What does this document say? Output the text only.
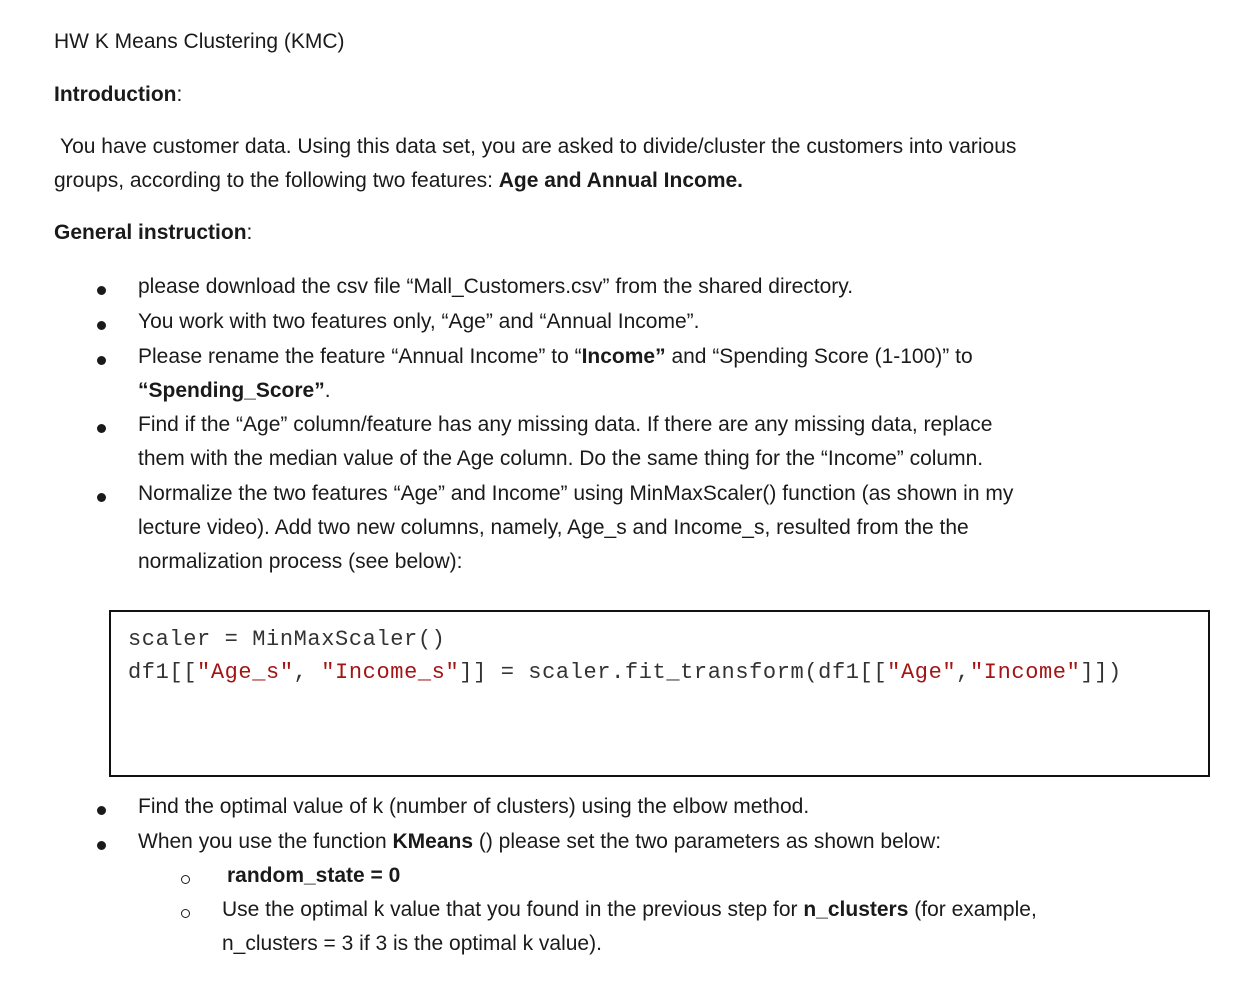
HW K Means Clustering (KMC)
Introduction:
You have customer data. Using this data set, you are asked to divide/cluster the customers into various
groups, according to the following two features: Age and Annual Income.
General instruction:
please download the csv file “Mall_Customers.csv” from the shared directory.
You work with two features only, “Age” and “Annual Income”.
Please rename the feature “Annual Income” to “Income” and “Spending Score (1-100)” to
“Spending_Score”.
Find if the “Age” column/feature has any missing data. If there are any missing data, replace
them with the median value of the Age column. Do the same thing for the “Income” column.
Normalize the two features “Age” and Income” using MinMaxScaler() function (as shown in my
lecture video). Add two new columns, namely, Age_s and Income_s, resulted from the the
normalization process (see below):
scaler = MinMaxScaler()
df1[["Age_s", "Income_s"]] = scaler.fit_transform(df1[["Age","Income"]])
Find the optimal value of k (number of clusters) using the elbow method.
When you use the function KMeans () please set the two parameters as shown below:
random_state = 0
Use the optimal k value that you found in the previous step for n_clusters (for example,
n_clusters = 3 if 3 is the optimal k value).
